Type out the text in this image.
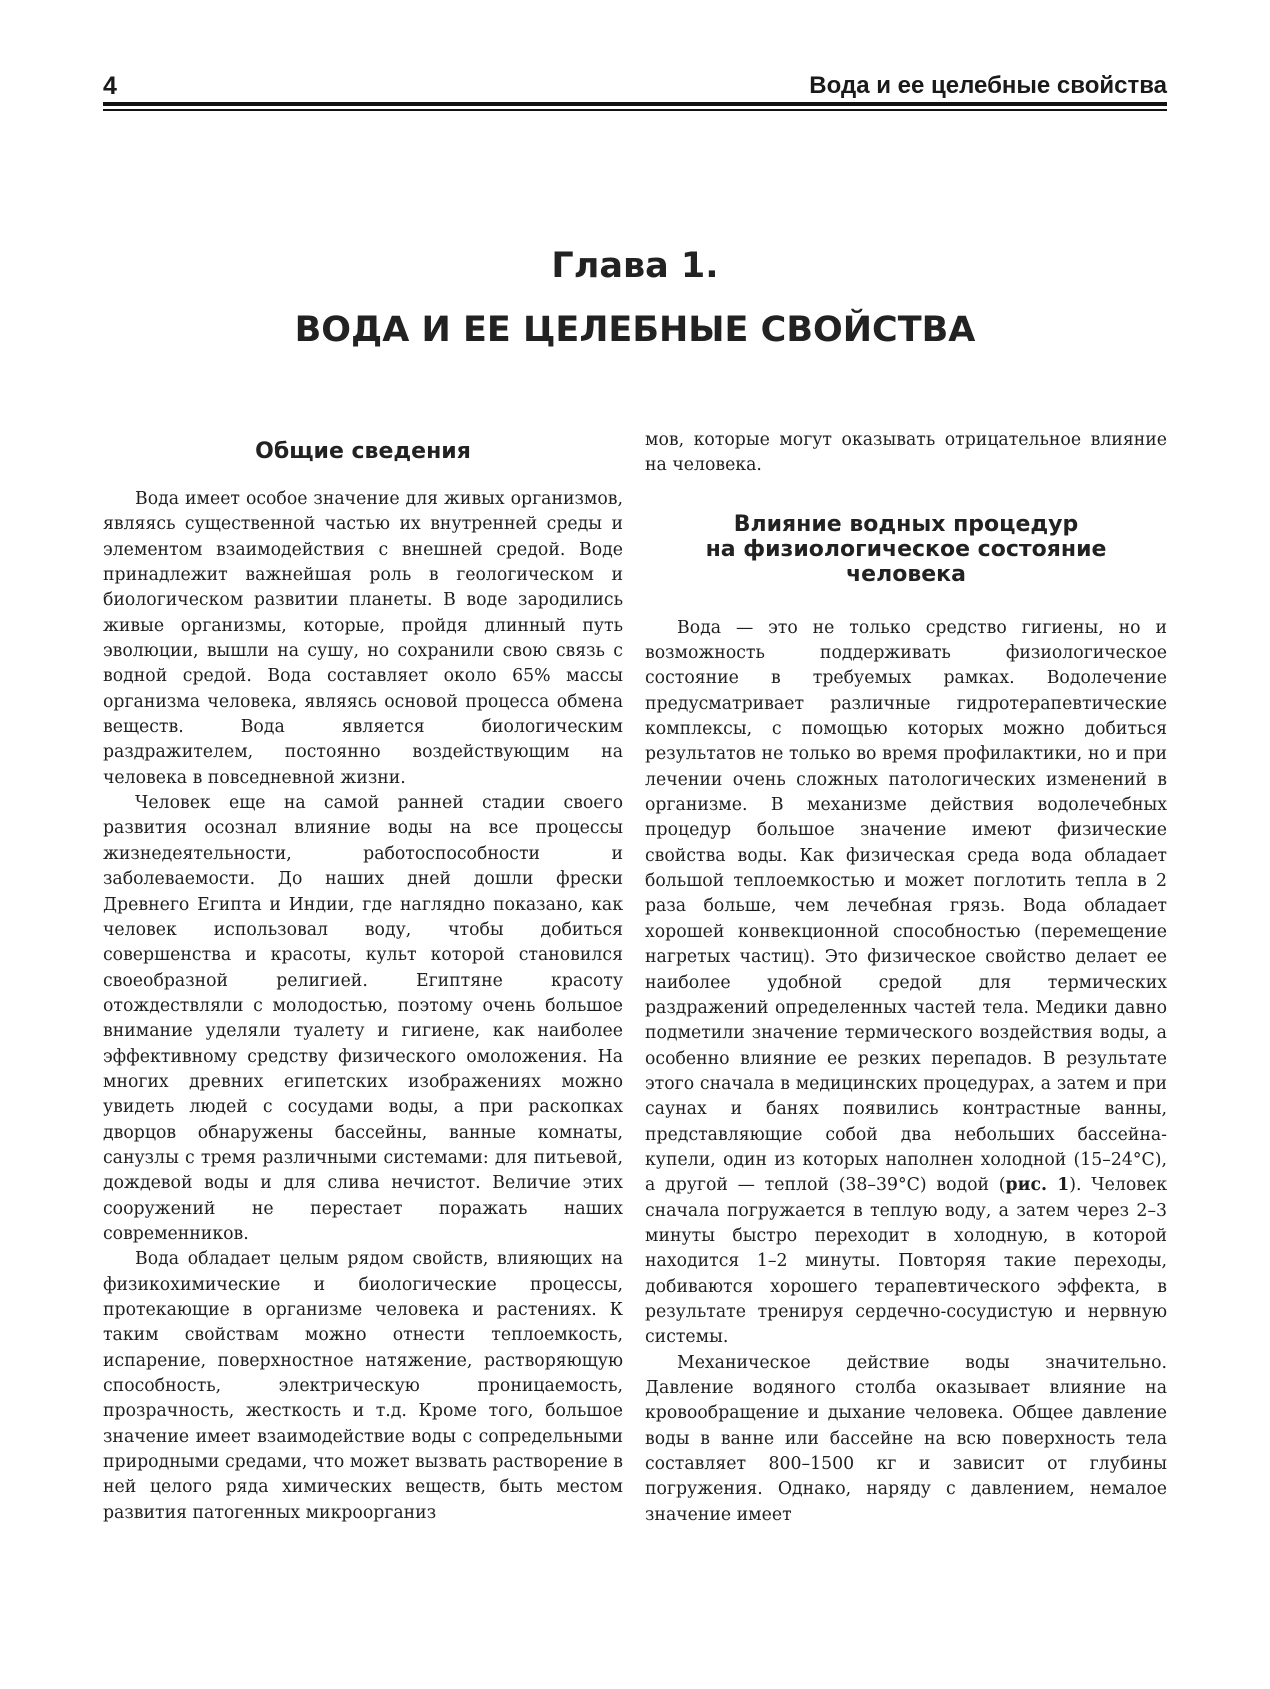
4	Вода и ее целебные свойства
Глава 1.
ВОДА И ЕЕ ЦЕЛЕБНЫЕ СВОЙСТВА
Общие сведения

Вода имеет особое значение для живых организмов, являясь существенной частью их внутренней среды и элементом взаимодействия с внешней средой. Воде принадлежит важнейшая роль в геологическом и биологическом развитии планеты. В воде зародились живые организмы, которые, пройдя длинный путь эволюции, вышли на сушу, но сохранили свою связь с водной средой. Вода составляет около 65% массы организма человека, являясь основой процесса обмена веществ. Вода является биологическим раздражителем, постоянно воздействующим на человека в повседневной жизни.

Человек еще на самой ранней стадии своего развития осознал влияние воды на все процессы жизнедеятельности, работоспособности и заболеваемости. До наших дней дошли фрески Древнего Египта и Индии, где наглядно показано, как человек использовал воду, чтобы добиться совершенства и красоты, культ которой становился своеобразной религией. Египтяне красоту отождествляли с молодостью, поэтому очень большое внимание уделяли туалету и гигиене, как наиболее эффективному средству физического омоложения. На многих древних египетских изображениях можно увидеть людей с сосудами воды, а при раскопках дворцов обнаружены бассейны, ванные комнаты, санузлы с тремя различными системами: для питьевой, дождевой воды и для слива нечистот. Величие этих сооружений не перестает поражать наших современников.

Вода обладает целым рядом свойств, влияющих на физикохимические и биологические процессы, протекающие в организме человека и растениях. К таким свойствам можно отнести теплоемкость, испарение, поверхностное натяжение, растворяющую способность, электрическую проницаемость, прозрачность, жесткость и т.д. Кроме того, большое значение имеет взаимодействие воды с сопредельными природными средами, что может вызвать растворение в ней целого ряда химических веществ, быть местом развития патогенных микроорганиз

мов, которые могут оказывать отрицательное влияние на человека.

Влияние водных процедур
на физиологическое состояние
человека

Вода — это не только средство гигиены, но и возможность поддерживать физиологическое состояние в требуемых рамках. Водолечение предусматривает различные гидротерапевтические комплексы, с помощью которых можно добиться результатов не только во время профилактики, но и при лечении очень сложных патологических изменений в организме. В механизме действия водолечебных процедур большое значение имеют физические свойства воды. Как физическая среда вода обладает большой теплоемкостью и может поглотить тепла в 2 раза больше, чем лечебная грязь. Вода обладает хорошей конвекционной способностью (перемещение нагретых частиц). Это физическое свойство делает ее наиболее удобной средой для термических раздражений определенных частей тела. Медики давно подметили значение термического воздействия воды, а особенно влияние ее резких перепадов. В результате этого сначала в медицинских процедурах, а затем и при саунах и банях появились контрастные ванны, представляющие собой два небольших бассейна-купели, один из которых наполнен холодной (15–24°С), а другой — теплой (38–39°С) водой (рис. 1). Человек сначала погружается в теплую воду, а затем через 2–3 минуты быстро переходит в холодную, в которой находится 1–2 минуты. Повторяя такие переходы, добиваются хорошего терапевтического эффекта, в результате тренируя сердечно-сосудистую и нервную системы.

Механическое действие воды значительно. Давление водяного столба оказывает влияние на кровообращение и дыхание человека. Общее давление воды в ванне или бассейне на всю поверхность тела составляет 800–1500 кг и зависит от глубины погружения. Однако, наряду с давлением, немалое значение имеет
